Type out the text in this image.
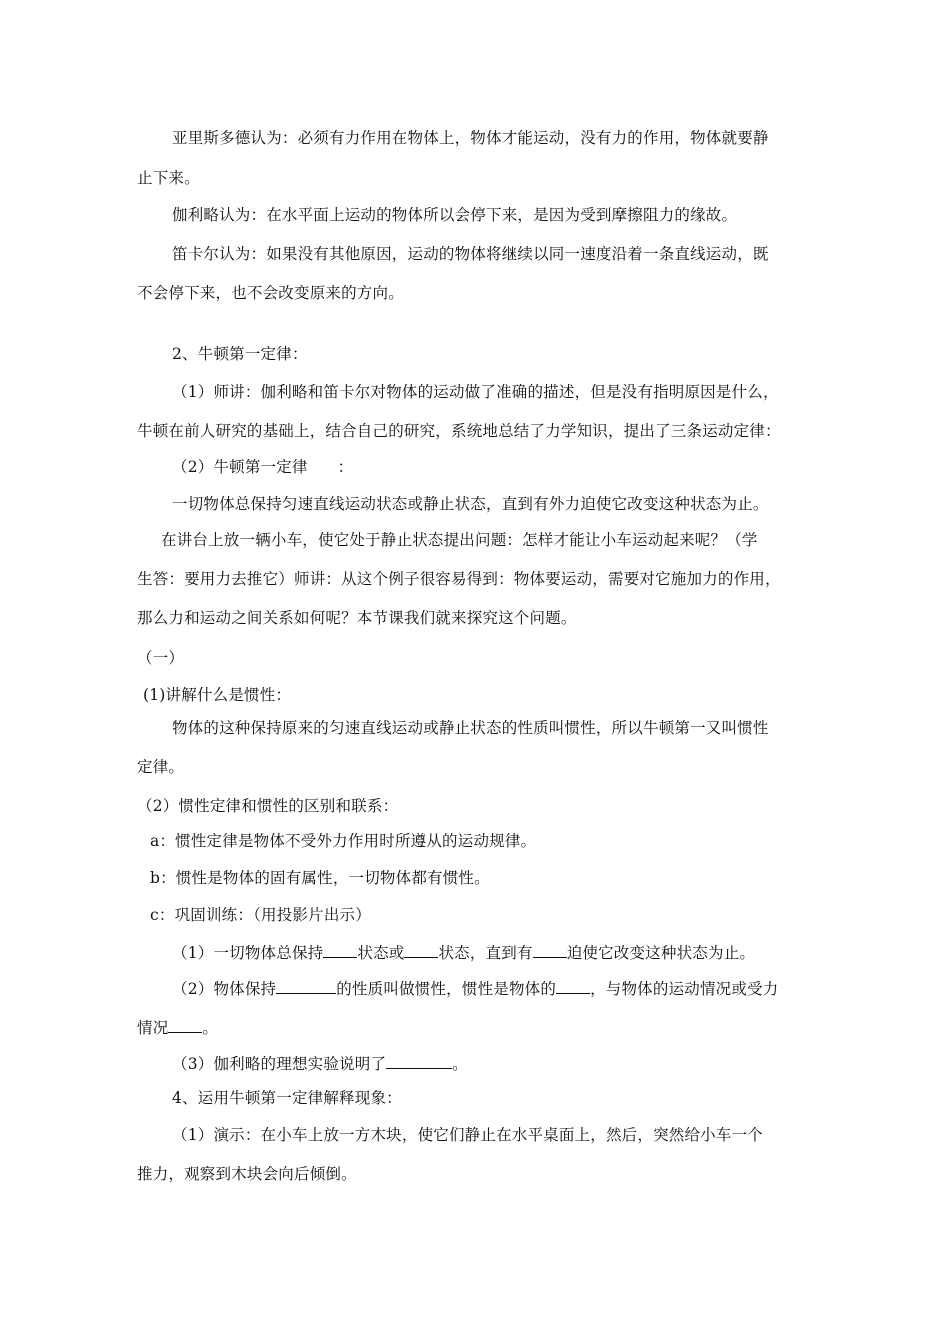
亚里斯多德认为：必须有力作用在物体上，物体才能运动，没有力的作用，物体就要静
止下来。
伽利略认为：在水平面上运动的物体所以会停下来，是因为受到摩擦阻力的缘故。
笛卡尔认为：如果没有其他原因，运动的物体将继续以同一速度沿着一条直线运动，既
不会停下来，也不会改变原来的方向。
2、牛顿第一定律：
（1）师讲：伽利略和笛卡尔对物体的运动做了准确的描述，但是没有指明原因是什么，
牛顿在前人研究的基础上，结合自己的研究，系统地总结了力学知识，提出了三条运动定律：
（2）牛顿第一定律 ：
一切物体总保持匀速直线运动状态或静止状态，直到有外力迫使它改变这种状态为止。
在讲台上放一辆小车，使它处于静止状态提出问题：怎样才能让小车运动起来呢？（学
生答：要用力去推它）师讲：从这个例子很容易得到：物体要运动，需要对它施加力的作用，
那么力和运动之间关系如何呢？本节课我们就来探究这个问题。
（一）
(1)讲解什么是惯性：
物体的这种保持原来的匀速直线运动或静止状态的性质叫惯性，所以牛顿第一又叫惯性
定律。
（2）惯性定律和惯性的区别和联系：
a：惯性定律是物体不受外力作用时所遵从的运动规律。
b：惯性是物体的固有属性，一切物体都有惯性。
c：巩固训练：（用投影片出示）
（1）一切物体总保持 状态或 状态，直到有 迫使它改变这种状态为止。
（2）物体保持	的性质叫做惯性，惯性是物体的 ，与物体的运动情况或受力
情况 。
（3）伽利略的理想实验说明了	。
4、运用牛顿第一定律解释现象：
（1）演示：在小车上放一方木块，使它们静止在水平桌面上，然后，突然给小车一个
推力，观察到木块会向后倾倒。
